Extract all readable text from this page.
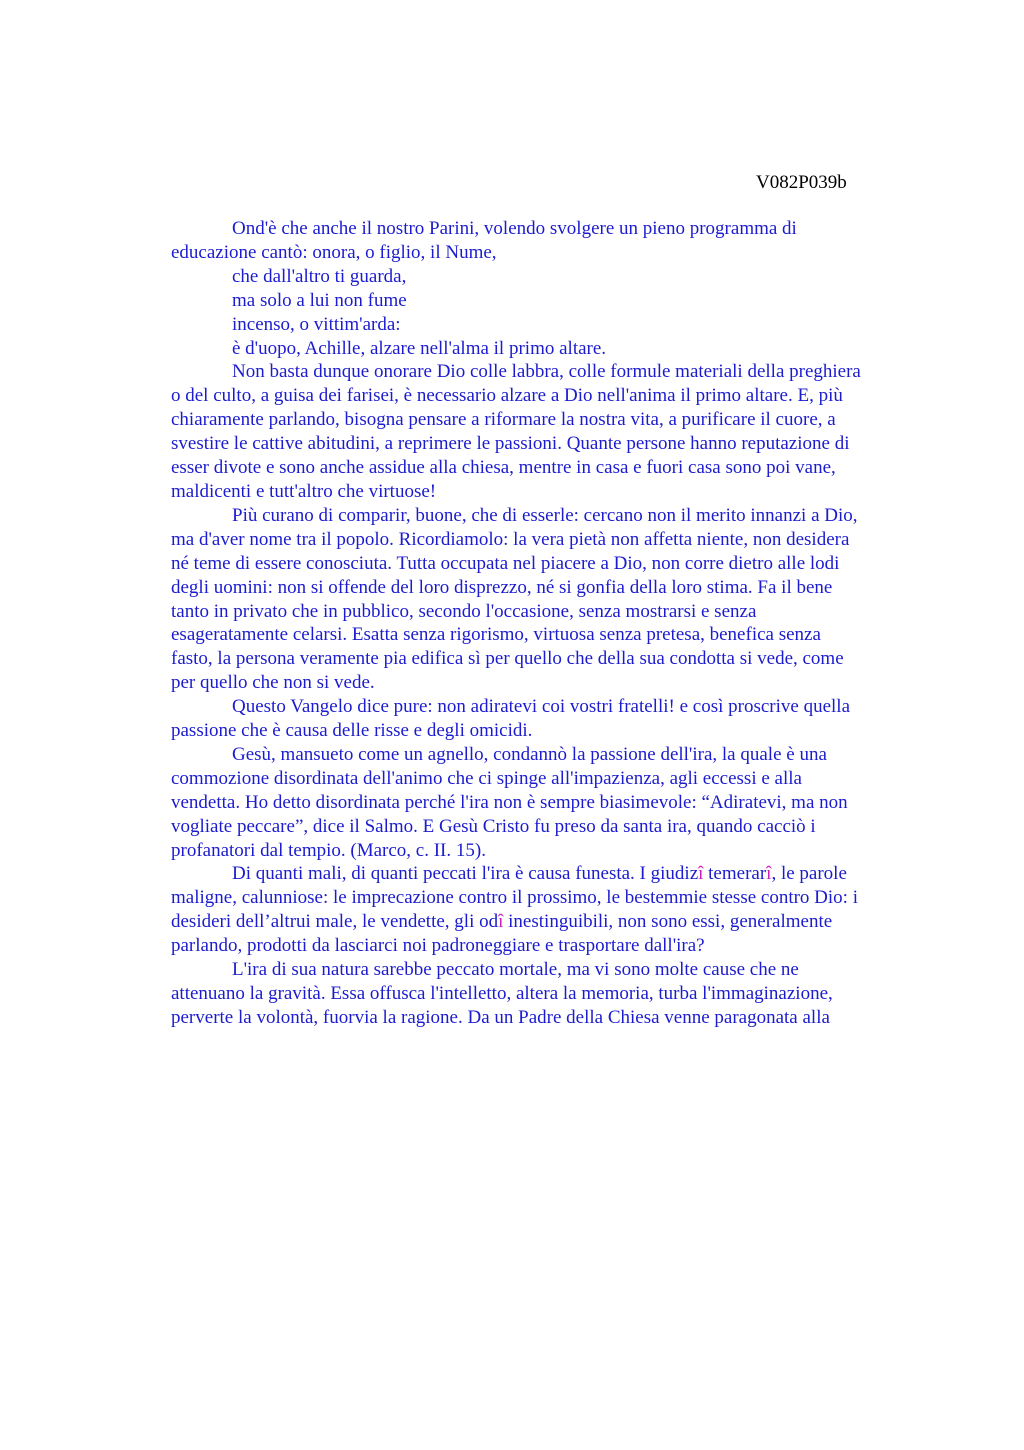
V082P039b
Ond'è che anche il nostro Parini, volendo svolgere un pieno programma di
educazione cantò: onora, o figlio, il Nume,
che dall'altro ti guarda,
ma solo a lui non fume
incenso, o vittim'arda:
è d'uopo, Achille, alzare nell'alma il primo altare.
Non basta dunque onorare Dio colle labbra, colle formule materiali della preghiera
o del culto, a guisa dei farisei, è necessario alzare a Dio nell'anima il primo altare. E, più
chiaramente parlando, bisogna pensare a riformare la nostra vita, a purificare il cuore, a
svestire le cattive abitudini, a reprimere le passioni. Quante persone hanno reputazione di
esser divote e sono anche assidue alla chiesa, mentre in casa e fuori casa sono poi vane,
maldicenti e tutt'altro che virtuose!
Più curano di comparir, buone, che di esserle: cercano non il merito innanzi a Dio,
ma d'aver nome tra il popolo. Ricordiamolo: la vera pietà non affetta niente, non desidera
né teme di essere conosciuta. Tutta occupata nel piacere a Dio, non corre dietro alle lodi
degli uomini: non si offende del loro disprezzo, né si gonfia della loro stima. Fa il bene
tanto in privato che in pubblico, secondo l'occasione, senza mostrarsi e senza
esageratamente celarsi. Esatta senza rigorismo, virtuosa senza pretesa, benefica senza
fasto, la persona veramente pia edifica sì per quello che della sua condotta si vede, come
per quello che non si vede.
Questo Vangelo dice pure: non adiratevi coi vostri fratelli! e così proscrive quella
passione che è causa delle risse e degli omicidi.
Gesù, mansueto come un agnello, condannò la passione dell'ira, la quale è una
commozione disordinata dell'animo che ci spinge all'impazienza, agli eccessi e alla
vendetta. Ho detto disordinata perché l'ira non è sempre biasimevole: “Adiratevi, ma non
vogliate peccare”, dice il Salmo. E Gesù Cristo fu preso da santa ira, quando cacciò i
profanatori dal tempio. (Marco, c. II. 15).
Di quanti mali, di quanti peccati l'ira è causa funesta. I giudizî temerarî, le parole
maligne, calunniose: le imprecazione contro il prossimo, le bestemmie stesse contro Dio: i
desideri dell’altrui male, le vendette, gli odî inestinguibili, non sono essi, generalmente
parlando, prodotti da lasciarci noi padroneggiare e trasportare dall'ira?
L'ira di sua natura sarebbe peccato mortale, ma vi sono molte cause che ne
attenuano la gravità. Essa offusca l'intelletto, altera la memoria, turba l'immaginazione,
perverte la volontà, fuorvia la ragione. Da un Padre della Chiesa venne paragonata alla
